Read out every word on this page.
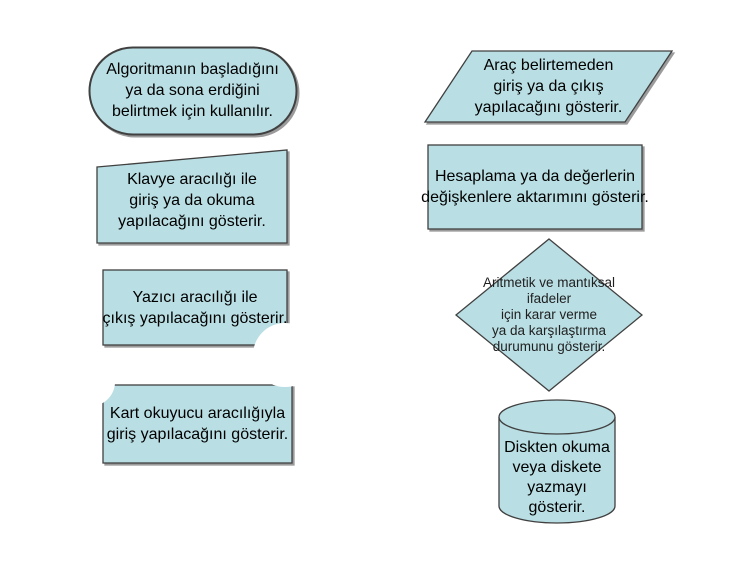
Algoritmanın başladığını
ya da sona erdiğini
belirtmek için kullanılır.
Araç belirtemeden
giriş ya da çıkış
yapılacağını gösterir.
Klavye aracılığı ile
giriş ya da okuma
yapılacağını gösterir.
Hesaplama ya da değerlerin
değişkenlere aktarımını gösterir.
Yazıcı aracılığı ile
çıkış yapılacağını gösterir.
Aritmetik ve mantıksal
ifadeler
için karar verme
ya da karşılaştırma
durumunu gösterir.
Kart okuyucu aracılığıyla
giriş yapılacağını gösterir.
Diskten okuma
veya diskete
yazmayı
gösterir.
